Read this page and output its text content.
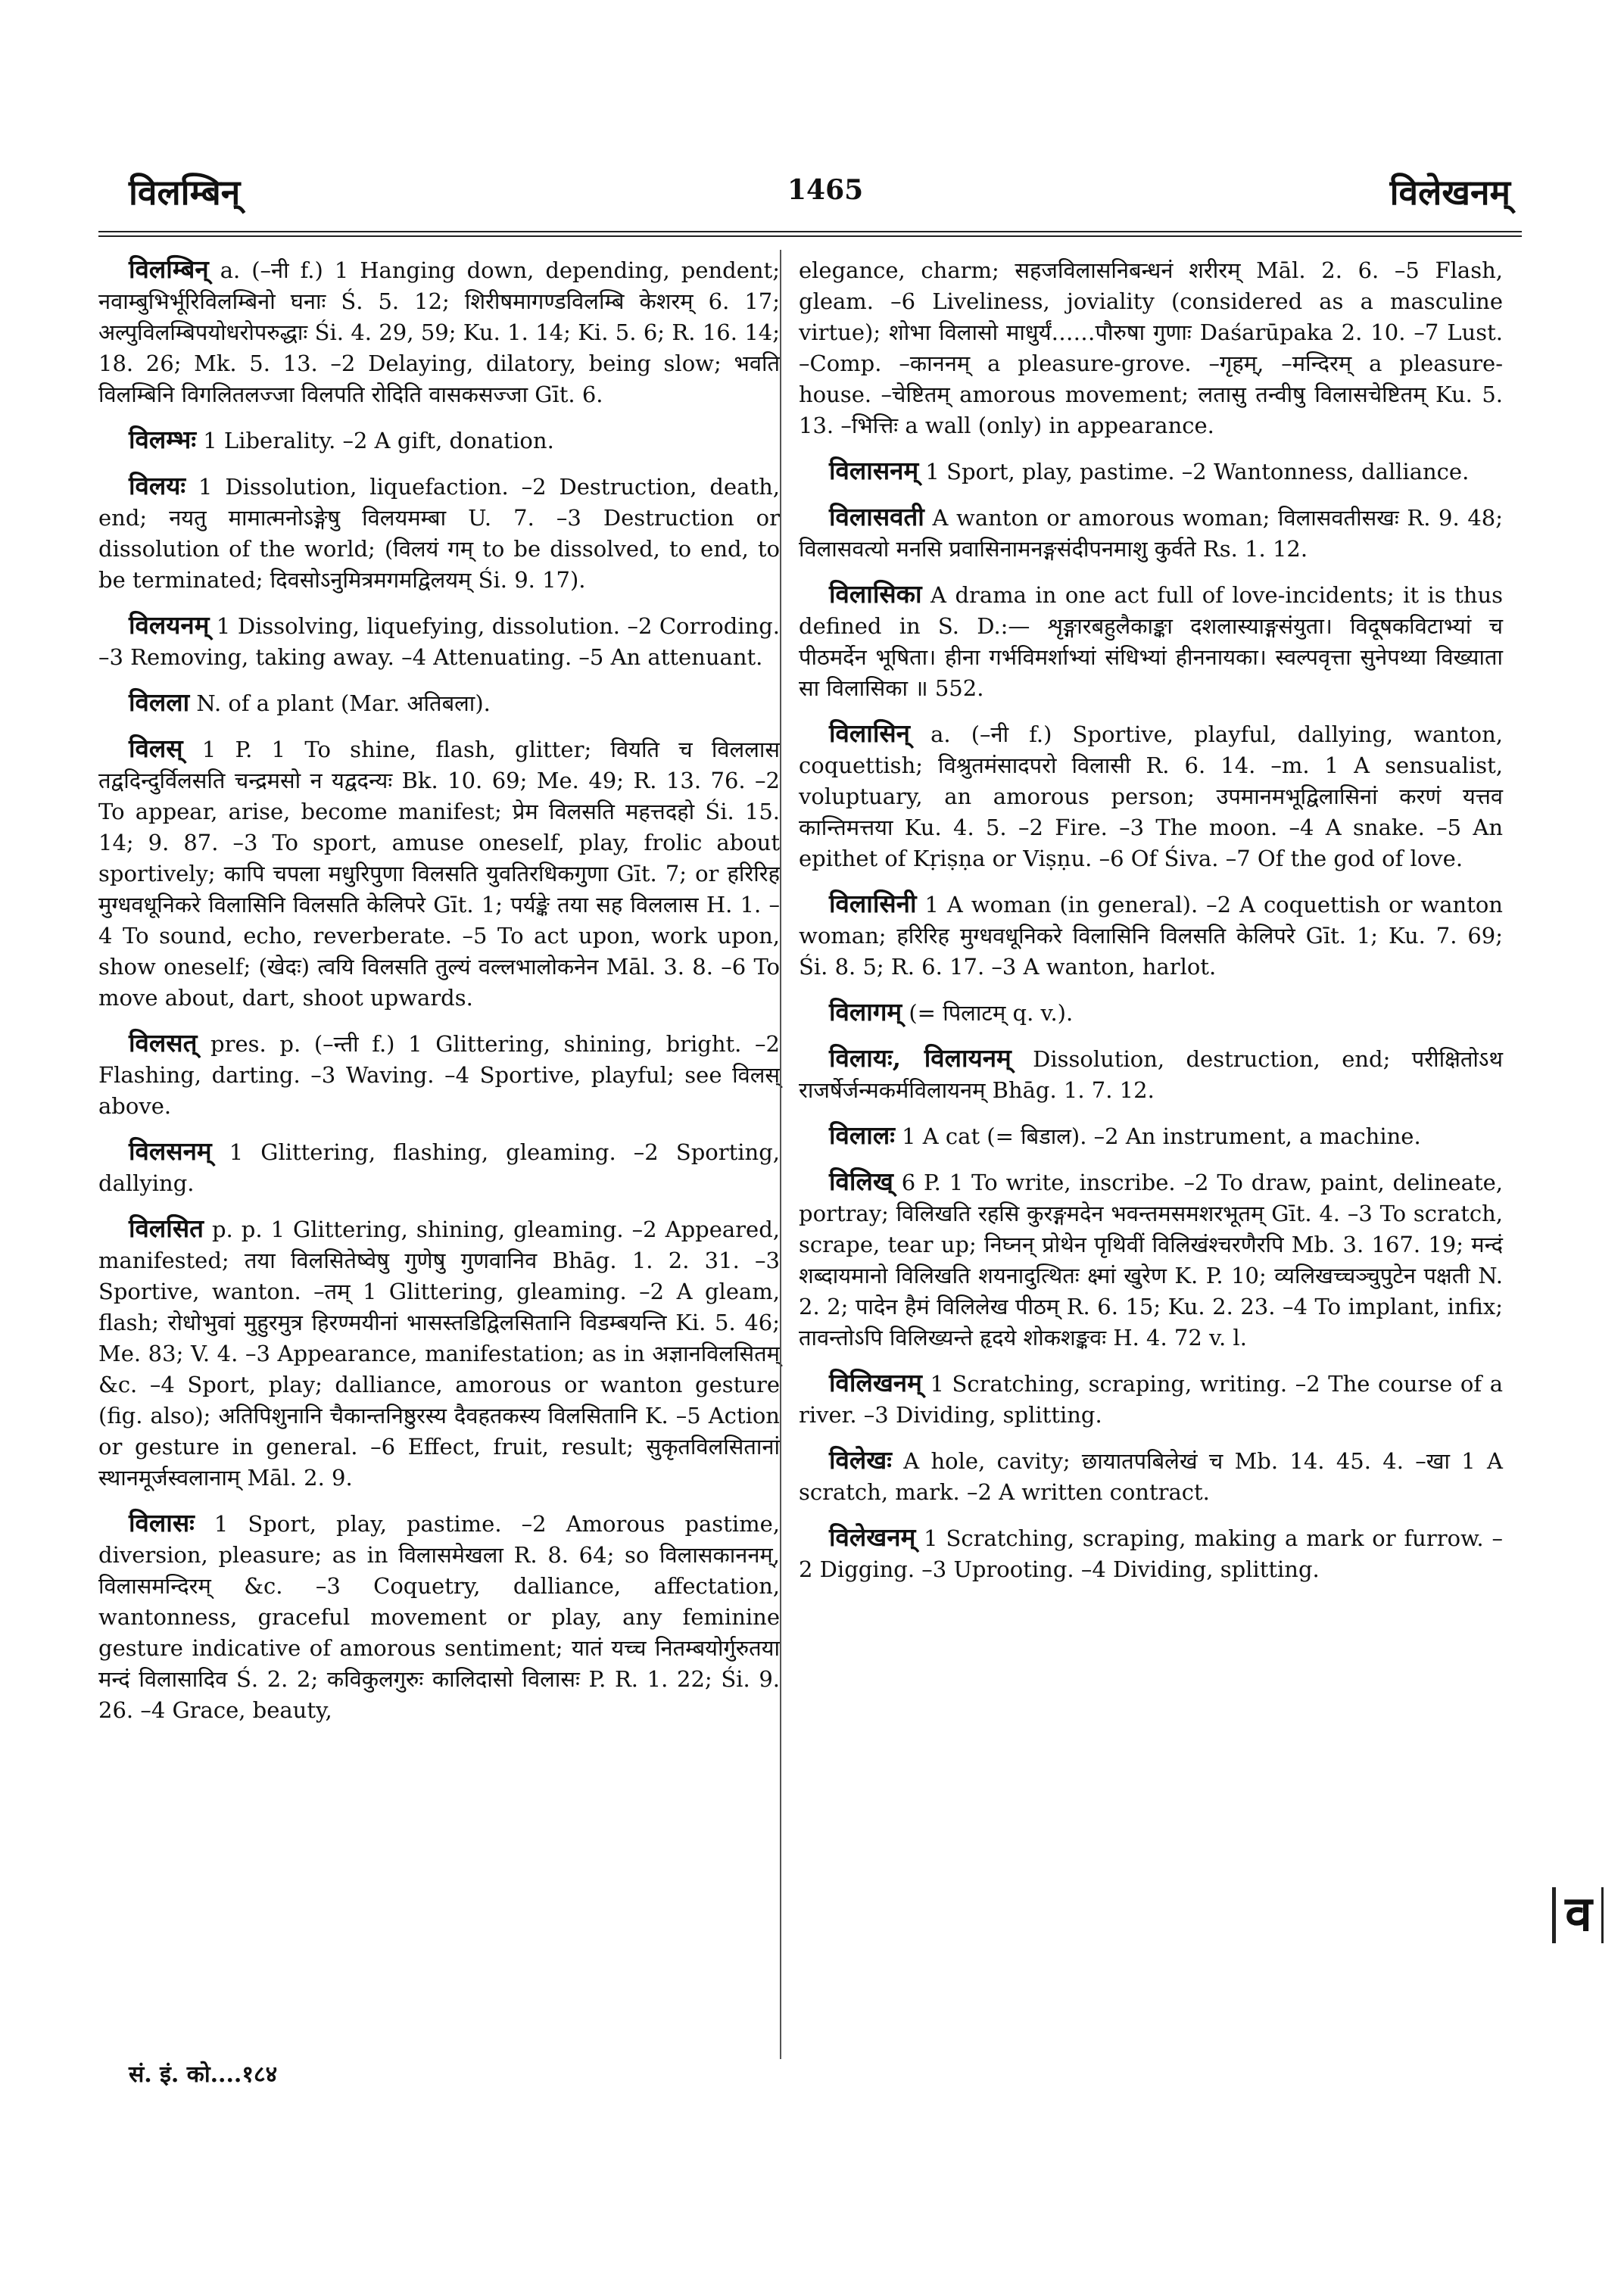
विलम्बिन्	1465	विलेखनम्

विलम्बिन् a. (–नी f.) 1 Hanging down, depending, pendent; नवाम्बुभिर्भूरिविलम्बिनो घनाः Ś. 5. 12; शिरीषमागण्डविलम्बि केशरम् 6. 17; अल्पुविलम्बिपयोधरोपरुद्धाः Śi. 4. 29, 59; Ku. 1. 14; Ki. 5. 6; R. 16. 14; 18. 26; Mk. 5. 13. –2 Delaying, dilatory, being slow; भवति विलम्बिनि विगलितलज्जा विलपति रोदिति वासकसज्जा Gīt. 6.

विलम्भः 1 Liberality. –2 A gift, donation.

विलयः 1 Dissolution, liquefaction. –2 Destruction, death, end; नयतु मामात्मनोऽङ्गेषु विलयमम्बा U. 7. –3 Destruction or dissolution of the world; (विलयं गम् to be dissolved, to end, to be terminated; दिवसोऽनुमित्रमगमद्विलयम् Śi. 9. 17).

विलयनम् 1 Dissolving, liquefying, dissolution. –2 Corroding. –3 Removing, taking away. –4 Attenuating. –5 An attenuant.

विलला N. of a plant (Mar. अतिबला).

विलस् 1 P. 1 To shine, flash, glitter; वियति च विललास तद्वदिन्दुर्विलसति चन्द्रमसो न यद्वदन्यः Bk. 10. 69; Me. 49; R. 13. 76. –2 To appear, arise, become manifest; प्रेम विलसति महत्तदहो Śi. 15. 14; 9. 87. –3 To sport, amuse oneself, play, frolic about sportively; कापि चपला मधुरिपुणा विलसति युवतिरधिकगुणा Gīt. 7; or हरिरिह मुग्धवधूनिकरे विलासिनि विलसति केलिपरे Gīt. 1; पर्यङ्के तया सह विललास H. 1. –4 To sound, echo, reverberate. –5 To act upon, work upon, show oneself; (खेदः) त्वयि विलसति तुल्यं वल्लभालोकनेन Māl. 3. 8. –6 To move about, dart, shoot upwards.

विलसत् pres. p. (–न्ती f.) 1 Glittering, shining, bright. –2 Flashing, darting. –3 Waving. –4 Sportive, playful; see विलस् above.

विलसनम् 1 Glittering, flashing, gleaming. –2 Sporting, dallying.

विलसित p. p. 1 Glittering, shining, gleaming. –2 Appeared, manifested; तया विलसितेष्वेषु गुणेषु गुणवानिव Bhāg. 1. 2. 31. –3 Sportive, wanton. –तम् 1 Glittering, gleaming. –2 A gleam, flash; रोधोभुवां मुहुरमुत्र हिरण्मयीनां भासस्तडिद्विलसितानि विडम्बयन्ति Ki. 5. 46; Me. 83; V. 4. –3 Appearance, manifestation; as in अज्ञानविलसितम् &c. –4 Sport, play; dalliance, amorous or wanton gesture (fig. also); अतिपिशुनानि चैकान्तनिष्ठुरस्य दैवहतकस्य विलसितानि K. –5 Action or gesture in general. –6 Effect, fruit, result; सुकृतविलसितानां स्थानमूर्जस्वलानाम् Māl. 2. 9.

विलासः 1 Sport, play, pastime. –2 Amorous pastime, diversion, pleasure; as in विलासमेखला R. 8. 64; so विलासकाननम्, विलासमन्दिरम् &c. –3 Coquetry, dalliance, affectation, wantonness, graceful movement or play, any feminine gesture indicative of amorous sentiment; यातं यच्च नितम्बयोर्गुरुतया मन्दं विलासादिव Ś. 2. 2; कविकुलगुरुः कालिदासो विलासः P. R. 1. 22; Śi. 9. 26. –4 Grace, beauty,

elegance, charm; सहजविलासनिबन्धनं शरीरम् Māl. 2. 6. –5 Flash, gleam. –6 Liveliness, joviality (considered as a masculine virtue); शोभा विलासो माधुर्यं……पौरुषा गुणाः Daśarūpaka 2. 10. –7 Lust. –Comp. –काननम् a pleasure-grove. –गृहम्, –मन्दिरम् a pleasure-house. –चेष्टितम् amorous movement; लतासु तन्वीषु विलासचेष्टितम् Ku. 5. 13. –भित्तिः a wall (only) in appearance.

विलासनम् 1 Sport, play, pastime. –2 Wantonness, dalliance.

विलासवती A wanton or amorous woman; विलासवतीसखः R. 9. 48; विलासवत्यो मनसि प्रवासिनामनङ्गसंदीपनमाशु कुर्वते Rs. 1. 12.

विलासिका A drama in one act full of love-incidents; it is thus defined in S. D.:— शृङ्गारबहुलैकाङ्का दशलास्याङ्गसंयुता। विदूषकविटाभ्यां च पीठमर्देन भूषिता। हीना गर्भविमर्शाभ्यां संधिभ्यां हीननायका। स्वल्पवृत्ता सुनेपथ्या विख्याता सा विलासिका ॥ 552.

विलासिन् a. (–नी f.) Sportive, playful, dallying, wanton, coquettish; विश्रुतमंसादपरो विलासी R. 6. 14. –m. 1 A sensualist, voluptuary, an amorous person; उपमानमभूद्विलासिनां करणं यत्तव कान्तिमत्तया Ku. 4. 5. –2 Fire. –3 The moon. –4 A snake. –5 An epithet of Kṛiṣṇa or Viṣṇu. –6 Of Śiva. –7 Of the god of love.

विलासिनी 1 A woman (in general). –2 A coquettish or wanton woman; हरिरिह मुग्धवधूनिकरे विलासिनि विलसति केलिपरे Gīt. 1; Ku. 7. 69; Śi. 8. 5; R. 6. 17. –3 A wanton, harlot.

विलागम् (= पिलाटम् q. v.).

विलायः, विलायनम् Dissolution, destruction, end; परीक्षितोऽथ राजर्षेर्जन्मकर्मविलायनम् Bhāg. 1. 7. 12.

विलालः 1 A cat (= बिडाल). –2 An instrument, a machine.

विलिख् 6 P. 1 To write, inscribe. –2 To draw, paint, delineate, portray; विलिखति रहसि कुरङ्गमदेन भवन्तमसमशरभूतम् Gīt. 4. –3 To scratch, scrape, tear up; निघ्नन् प्रोथेन पृथिवीं विलिखंश्चरणैरपि Mb. 3. 167. 19; मन्दं शब्दायमानो विलिखति शयनादुत्थितः क्ष्मां खुरेण K. P. 10; व्यलिखच्चञ्चुपुटेन पक्षती N. 2. 2; पादेन हैमं विलिलेख पीठम् R. 6. 15; Ku. 2. 23. –4 To implant, infix; तावन्तोऽपि विलिख्यन्ते हृदये शोकशङ्कवः H. 4. 72 v. l.

विलिखनम् 1 Scratching, scraping, writing. –2 The course of a river. –3 Dividing, splitting.

विलेखः A hole, cavity; छायातपबिलेखं च Mb. 14. 45. 4. –खा 1 A scratch, mark. –2 A written contract.

विलेखनम् 1 Scratching, scraping, making a mark or furrow. –2 Digging. –3 Uprooting. –4 Dividing, splitting.

सं. इं. को....१८४
व
